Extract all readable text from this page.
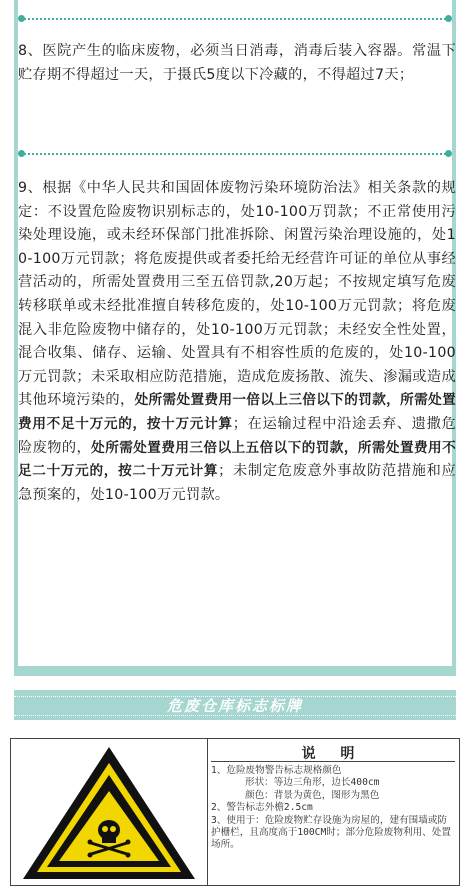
8、医院产生的临床废物，必须当日消毒，消毒后装入容器。常温下贮存期不得超过一天，于摄氏5度以下冷藏的，不得超过7天；

9、根据《中华人民共和国固体废物污染环境防治法》相关条款的规定：不设置危险废物识别标志的，处10-100万罚款；不正常使用污染处理设施，或未经环保部门批准拆除、闲置污染治理设施的，处10-100万元罚款；将危废提供或者委托给无经营许可证的单位从事经营活动的，所需处置费用三至五倍罚款,20万起；不按规定填写危废转移联单或未经批准擅自转移危废的，处10-100万元罚款；将危废混入非危险废物中储存的，处10-100万元罚款；未经安全性处置，混合收集、储存、运输、处置具有不相容性质的危废的，处10-100万元罚款；未采取相应防范措施，造成危废扬散、流失、渗漏或造成其他环境污染的，处所需处置费用一倍以上三倍以下的罚款，所需处置费用不足十万元的，按十万元计算；在运输过程中沿途丢弃、遗撒危险废物的，处所需处置费用三倍以上五倍以下的罚款，所需处置费用不足二十万元的，按二十万元计算；未制定危废意外事故防范措施和应急预案的，处10-100万元罚款。

危废仓库标志标牌
说 明
1、危险废物警告标志规格颜色
形状：等边三角形，边长400cm
颜色：背景为黄色，图形为黑色
2、警告标志外檐2.5cm
3、使用于：危险废物贮存设施为房屋的，建有围墙或防护栅栏，且高度高于100CM时；部分危险废物利用、处置场所。
